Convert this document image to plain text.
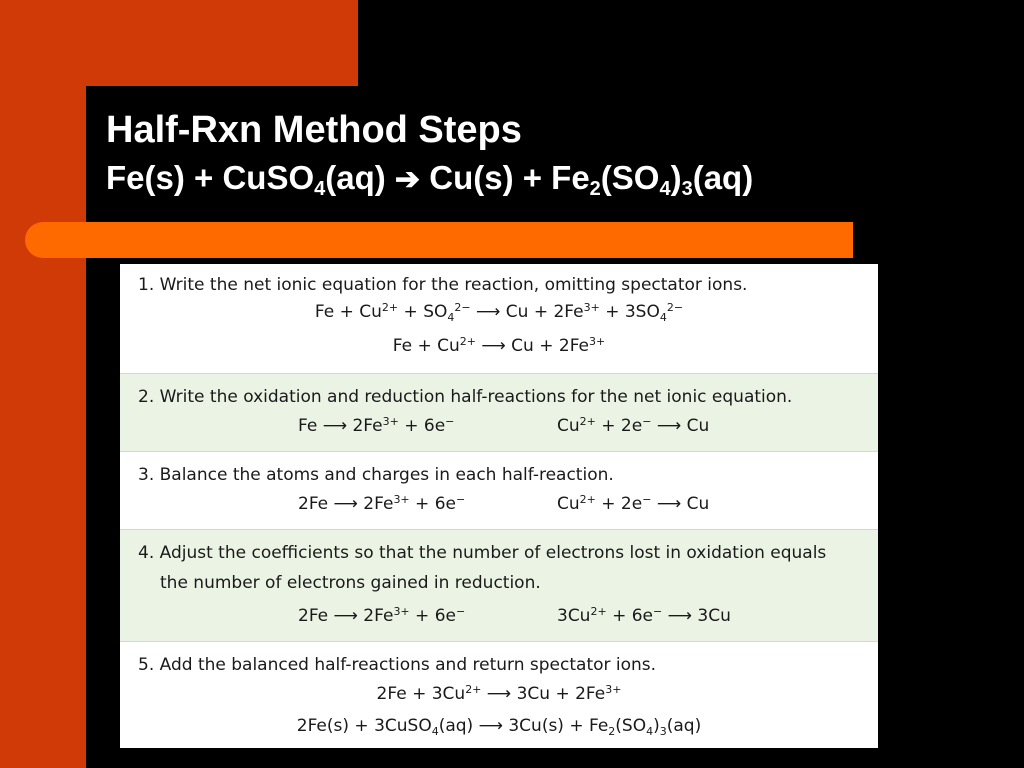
Half-Rxn Method Steps
Fe(s) + CuSO$_4$(aq) ➔ $Cu(s) + Fe_2(SO_4)_3(aq)$
1. Write the net ionic equation for the reaction, omitting spectator ions.
$Fe + Cu^{2+} + SO_4^{2-}$ ⟶ $Cu + 2Fe^{3+} + 3SO_4^{2-}$
$Fe + Cu^{2+}$ ⟶ $Cu + 2Fe^{3+}$
2. Write the oxidation and reduction half-reactions for the net ionic equation.
Fe ⟶ $2Fe^{3+} + 6e^-$	$Cu^{2+} + 2e^-$ ⟶ Cu
3. Balance the atoms and charges in each half-reaction.
2Fe ⟶ $2Fe^{3+} + 6e^-$	$Cu^{2+} + 2e^-$ ⟶ Cu
4. Adjust the coefficients so that the number of electrons lost in oxidation equals
the number of electrons gained in reduction.
2Fe ⟶ $2Fe^{3+} + 6e^-$	$3Cu^{2+} + 6e^-$ ⟶ 3Cu
5. Add the balanced half-reactions and return spectator ions.
$2Fe + 3Cu^{2+}$ ⟶ $3Cu + 2Fe^{3+}$
2Fe(s) + 3CuSO$_4$(aq) ⟶ $3Cu(s) + Fe_2(SO_4)_3(aq)$
